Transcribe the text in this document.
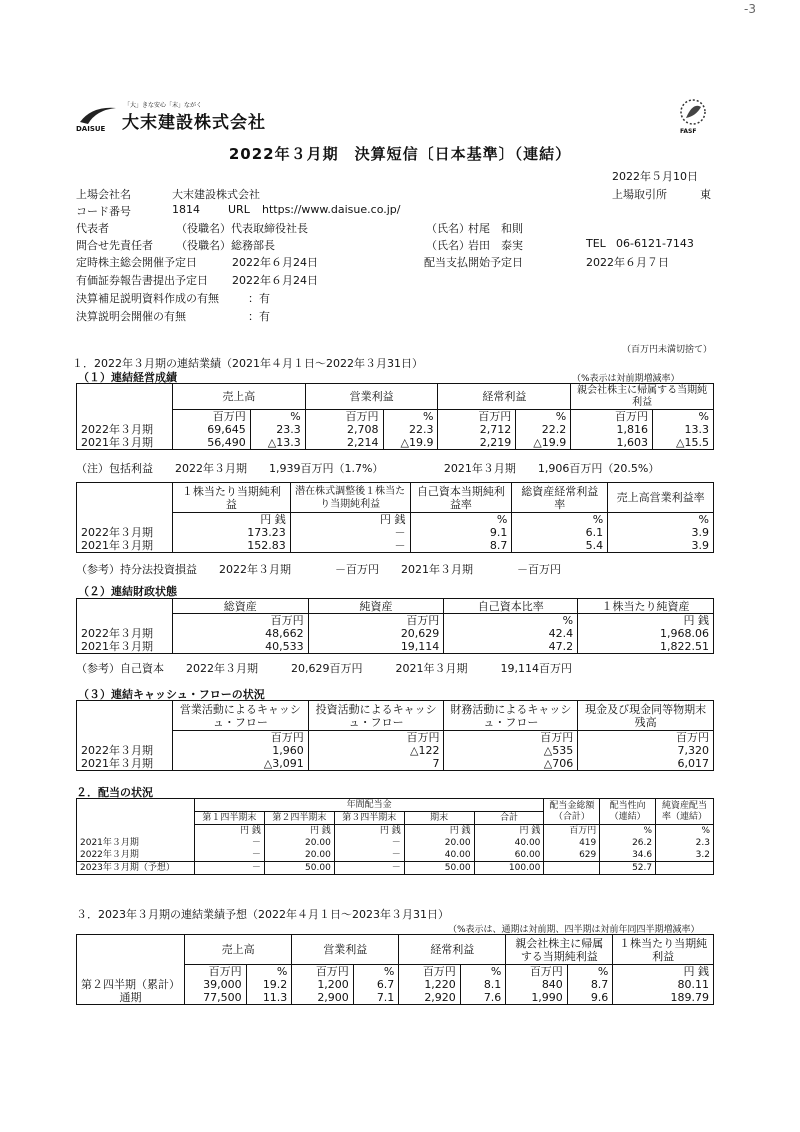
-3
DAISUE
「大」きな安心「末」ながく
大末建設株式会社	FASF
2022年３月期　決算短信〔日本基準〕（連結）
2022年５月10日
上場会社名	大末建設株式会社	上場取引所	東
コード番号	1814	URL https://www.daisue.co.jp/
代表者	（役職名）代表取締役社長	（氏名）
村尾　和則
問合せ先責任者 （役職名）総務部長	（氏名）
岩田　泰実	TEL 06-6121-7143
定時株主総会開催予定日	2022年６月24日	配当支払開始予定日	2022年６月７日
有価証券報告書提出予定日 2022年６月24日
決算補足説明資料作成の有無	：有
決算説明会開催の有無	：有
（百万円未満切捨て）
１．2022年３月期の連結業績（2021年４月１日～2022年３月31日）
（１）連結経営成績	（%表示は対前期増減率）
	売上高		営業利益		経常利益		親会社株主に帰属する当期純利益	
	百万円	%	百万円	%	百万円	%	百万円	%
2022年３月期	69,645	23.3	2,708	22.3	2,712	22.2	1,816	13.3
2021年３月期	56,490	△13.3	2,214	△19.9	2,219	△19.9	1,603	△15.5
（注）包括利益　　2022年３月期　　1,939百万円（1.7%）　　　　　　2021年３月期　　1,906百万円（20.5%）
	１株当たり当期純利益	潜在株式調整後１株当たり当期純利益	自己資本当期純利益率	総資産経常利益率	売上高営業利益率
	円 銭	円 銭	%	%	%
2022年３月期	173.23	－	9.1	6.1	3.9
2021年３月期	152.83	－	8.7	5.4	3.9
（参考）持分法投資損益　　2022年３月期　　　　－百万円　　2021年３月期　　　　－百万円
（２）連結財政状態
	総資産	純資産	自己資本比率	１株当たり純資産
	百万円	百万円	%	円 銭
2022年３月期	48,662	20,629	42.4	1,968.06
2021年３月期	40,533	19,114	47.2	1,822.51
（参考）自己資本　　2022年３月期　　　20,629百万円　　　2021年３月期　　　19,114百万円
（３）連結キャッシュ・フローの状況
	営業活動によるキャッシュ・フロー	投資活動によるキャッシュ・フロー	財務活動によるキャッシュ・フロー	現金及び現金同等物期末残高
	百万円	百万円	百万円	百万円
2022年３月期	1,960	△122	△535	7,320
2021年３月期	△3,091	7	△706	6,017
２．配当の状況
	年間配当金					配当金総額（合計）	配当性向（連結）	純資産配当率（連結）
	第１四半期末	第２四半期末	第３四半期末	期末	合計			
	円 銭	円 銭	円 銭	円 銭	円 銭	百万円	%	%
2021年３月期	－	20.00	－	20.00	40.00	419	26.2	2.3
2022年３月期	－	20.00	－	40.00	60.00	629	34.6	3.2
2023年３月期（予想）	－	50.00	－	50.00	100.00		52.7	
３．2023年３月期の連結業績予想（2022年４月１日～2023年３月31日）
（%表示は、通期は対前期、四半期は対前年同四半期増減率）
	売上高		営業利益		経常利益		親会社株主に帰属する当期純利益		１株当たり当期純利益
	百万円	%	百万円	%	百万円	%	百万円	%	円 銭
第２四半期（累計）	39,000	19.2	1,200	6.7	1,220	8.1	840	8.7	80.11
通期	77,500	11.3	2,900	7.1	2,920	7.6	1,990	9.6	189.79
